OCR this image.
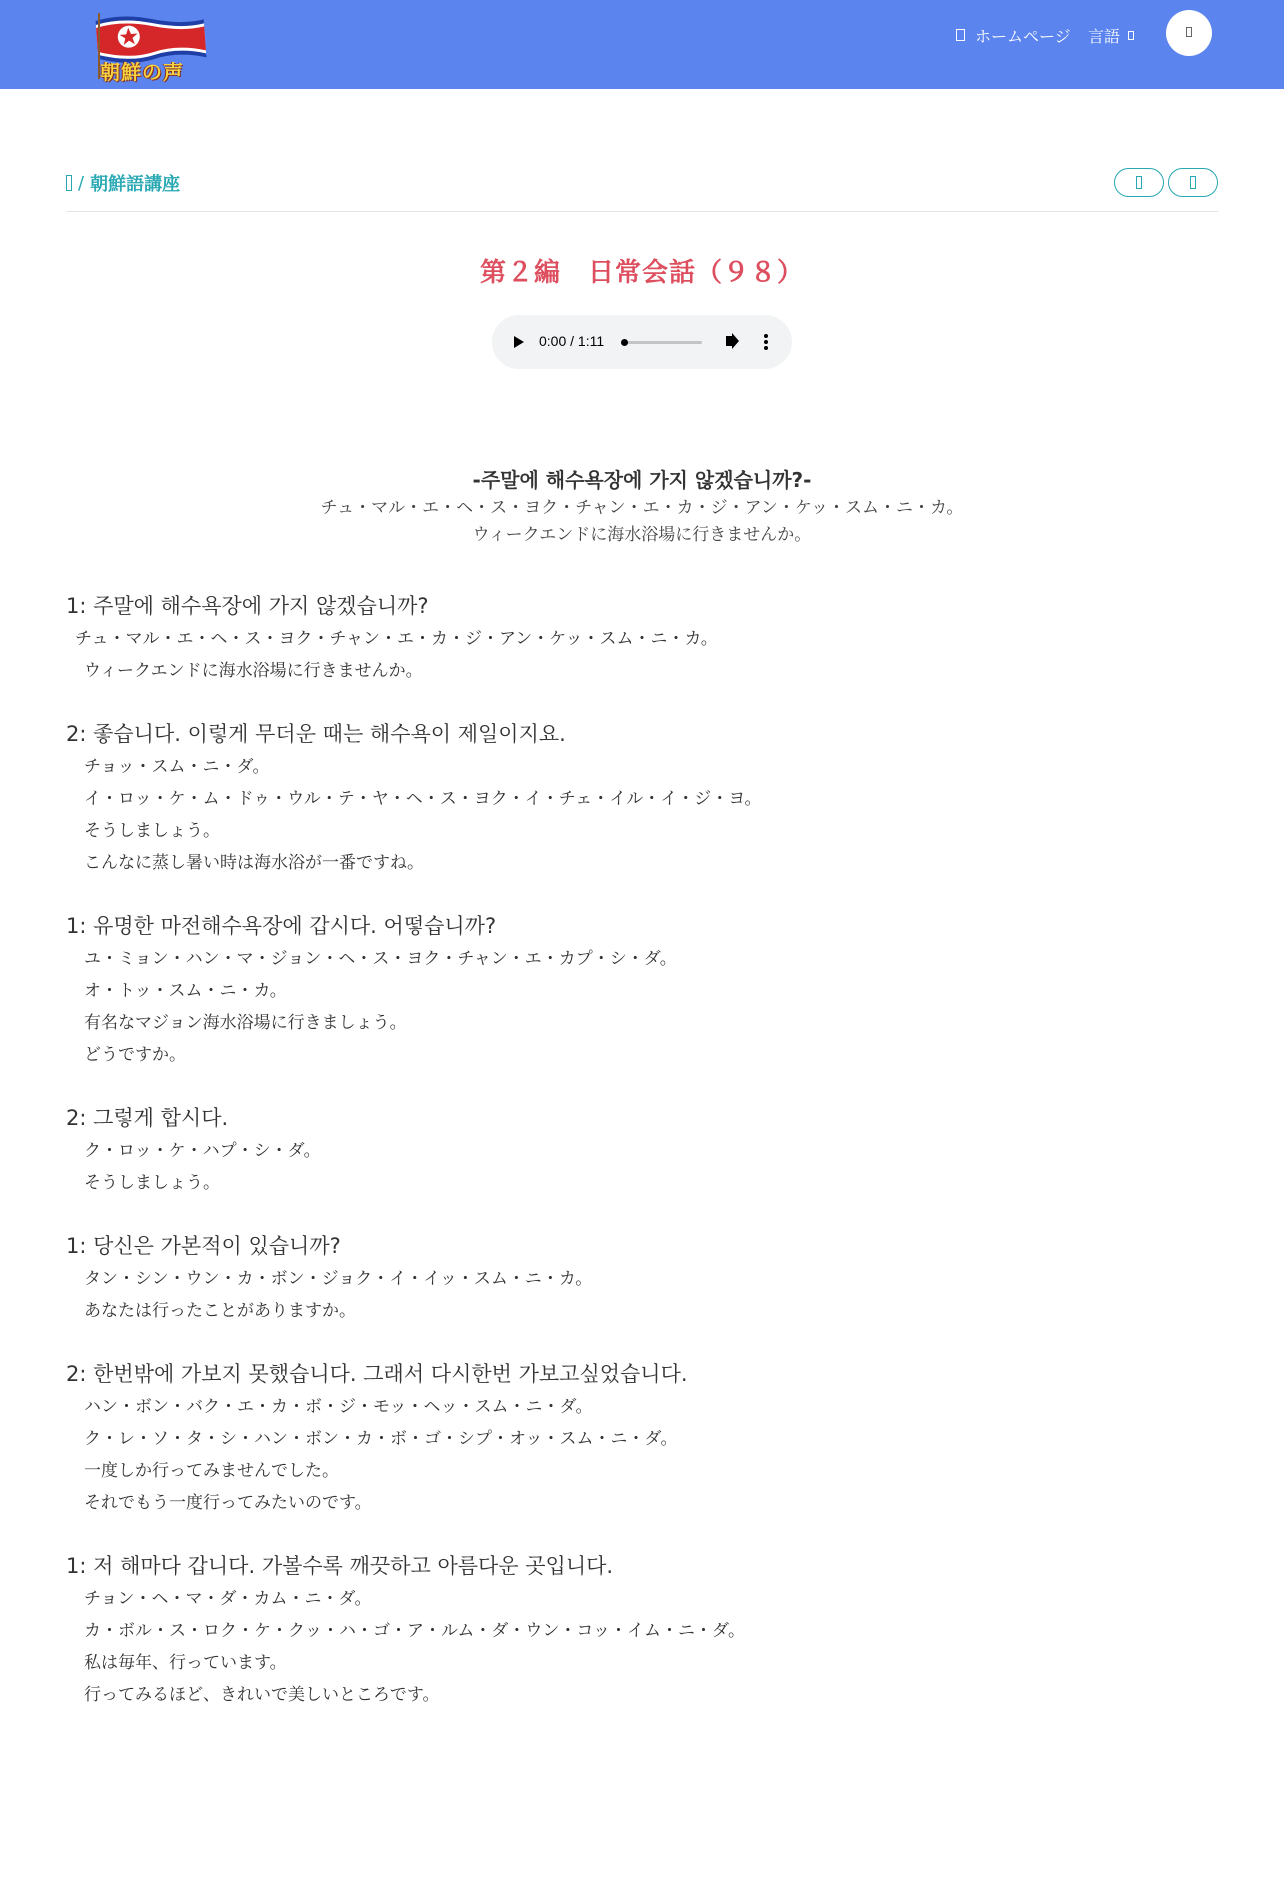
朝鮮の声
ホームページ 言語
/ 朝鮮語講座
第２編　日常会話（９８）
0:00 / 1:11
-주말에 해수욕장에 가지 않겠습니까?-
チュ・マル・エ・ヘ・ス・ヨク・チャン・エ・カ・ジ・アン・ケッ・スム・ニ・カ。
ウィークエンドに海水浴場に行きませんか。
1: 주말에 해수욕장에 가지 않겠습니까?
チュ・マル・エ・ヘ・ス・ヨク・チャン・エ・カ・ジ・アン・ケッ・スム・ニ・カ。
ウィークエンドに海水浴場に行きませんか。
2: 좋습니다. 이렇게 무더운 때는 해수욕이 제일이지요.
チョッ・スム・ニ・ダ。
イ・ロッ・ケ・ム・ドゥ・ウル・テ・ヤ・ヘ・ス・ヨク・イ・チェ・イル・イ・ジ・ヨ。
そうしましょう。
こんなに蒸し暑い時は海水浴が一番ですね。
1: 유명한 마전해수욕장에 갑시다. 어떻습니까?
ユ・ミョン・ハン・マ・ジョン・ヘ・ス・ヨク・チャン・エ・カプ・シ・ダ。
オ・トッ・スム・ニ・カ。
有名なマジョン海水浴場に行きましょう。
どうですか。
2: 그렇게 합시다.
ク・ロッ・ケ・ハプ・シ・ダ。
そうしましょう。
1: 당신은 가본적이 있습니까?
タン・シン・ウン・カ・ボン・ジョク・イ・イッ・スム・ニ・カ。
あなたは行ったことがありますか。
2: 한번밖에 가보지 못했습니다. 그래서 다시한번 가보고싶었습니다.
ハン・ボン・バク・エ・カ・ボ・ジ・モッ・ヘッ・スム・ニ・ダ。
ク・レ・ソ・タ・シ・ハン・ボン・カ・ボ・ゴ・シプ・オッ・スム・ニ・ダ。
一度しか行ってみませんでした。
それでもう一度行ってみたいのです。
1: 저 해마다 갑니다. 가볼수록 깨끗하고 아름다운 곳입니다.
チョン・ヘ・マ・ダ・カム・ニ・ダ。
カ・ボル・ス・ロク・ケ・クッ・ハ・ゴ・ア・ルム・ダ・ウン・コッ・イム・ニ・ダ。
私は毎年、行っています。
行ってみるほど、きれいで美しいところです。
